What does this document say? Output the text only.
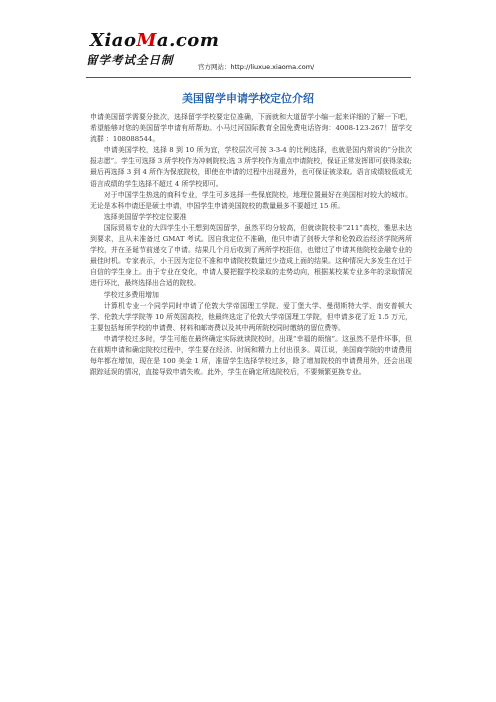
XiaoMa.com
留学考试全日制	官方网站：http://liuxue.xiaoma.com/
美国留学申请学校定位介绍

申请美国留学需要分批次，选择留学学校要定位准确，下面就和大道留学小编一起来详细的了解一下吧，希望能够对您的美国留学申请有所帮助。小马过河国际教育全国免费电话咨询：4008-123-267！留学交流群 ：108088544。

申请美国学校，选择 8 到 10 所为宜，学校层次可按 3-3-4 的比例选择，也就是国内常说的“分批次报志愿”。学生可选择 3 所学校作为冲刺院校;选 3 所学校作为重点申请院校，保证正常发挥即可获得录取;最后再选择 3 到 4 所作为保底院校，即使在申请的过程中出现意外，也可保证被录取。语言成绩较低或无语言成绩的学生选择不超过 4 所学校即可。

对于申国学生热选的商科专业，学生可多选择一些保底院校，地理位置最好在美国相对较大的城市。无论是本科申请还是硕士申请，申国学生申请美国院校的数量最多不要超过 15 所。

选择美国留学学校定位要准

国际贸易专业的大四学生小王想到英国留学，虽然平均分较高，但就读院校非“211”高校，雅思未达到要求，且从未准备过 GMAT 考试。因自我定位不准确，他只申请了剑桥大学和伦敦政治经济学院两所学校，并在圣诞节前递交了申请。结果几个月后收到了两所学校拒信，也错过了申请其他院校金融专业的最佳时机。专家表示，小王因为定位不准和申请院校数量过少造成上面的结果。这种情况大多发生在过于自信的学生身上。由于专业在变化，申请人要把握学校录取的走势动向，根据某校某专业多年的录取情况进行环比，最终选择出合适的院校。

学校过多费用增加

计算机专业一个同学同时申请了伦敦大学帝国理工学院、爱丁堡大学、曼彻斯特大学、南安普顿大学、伦敦大学学院等 10 所英国高校，他最终选定了伦敦大学帝国理工学院，但申请多花了近 1.5 万元，主要包括每所学校的申请费、材料和邮寄费以及其中两所院校同时缴纳的留位费等。

申请学校过多时，学生可能在最终确定实际就读院校时，出现“幸福的烦恼”。这虽然不是件坏事，但在前期申请和确定院校过程中，学生要在经济、时间和精力上付出很多。周江说，美国商学院的申请费用每年都在增加，现在是 100 美金 1 所，准留学生选择学校过多，除了增加院校的申请费用外，还会出现跟踪延误的情况，直接导致申请失败。此外，学生在确定所选院校后，不要频繁更换专业。
